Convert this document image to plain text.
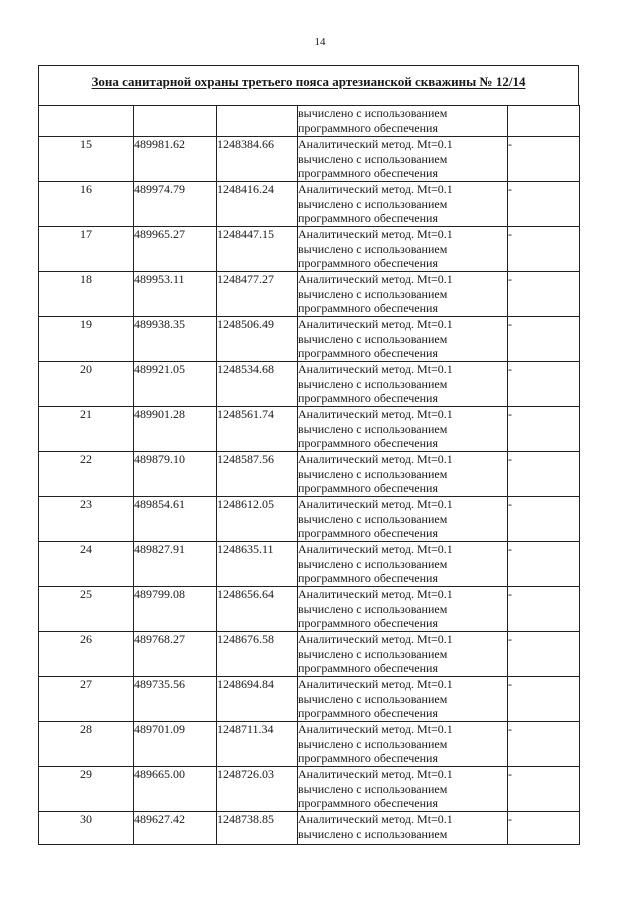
14
Зона санитарной охраны третьего пояса артезианской скважины № 12/14

			вычислено с использованием
программного обеспечения	

15	489981.62	1248384.66	Аналитический метод. Mt=0.1
вычислено с использованием
программного обеспечения	-
16	489974.79	1248416.24	Аналитический метод. Mt=0.1
вычислено с использованием
программного обеспечения	-
17	489965.27	1248447.15	Аналитический метод. Mt=0.1
вычислено с использованием
программного обеспечения	-
18	489953.11	1248477.27	Аналитический метод. Mt=0.1
вычислено с использованием
программного обеспечения	-
19	489938.35	1248506.49	Аналитический метод. Mt=0.1
вычислено с использованием
программного обеспечения	-
20	489921.05	1248534.68	Аналитический метод. Mt=0.1
вычислено с использованием
программного обеспечения	-
21	489901.28	1248561.74	Аналитический метод. Mt=0.1
вычислено с использованием
программного обеспечения	-
22	489879.10	1248587.56	Аналитический метод. Mt=0.1
вычислено с использованием
программного обеспечения	-
23	489854.61	1248612.05	Аналитический метод. Mt=0.1
вычислено с использованием
программного обеспечения	-
24	489827.91	1248635.11	Аналитический метод. Mt=0.1
вычислено с использованием
программного обеспечения	-
25	489799.08	1248656.64	Аналитический метод. Mt=0.1
вычислено с использованием
программного обеспечения	-
26	489768.27	1248676.58	Аналитический метод. Mt=0.1
вычислено с использованием
программного обеспечения	-
27	489735.56	1248694.84	Аналитический метод. Mt=0.1
вычислено с использованием
программного обеспечения	-
28	489701.09	1248711.34	Аналитический метод. Mt=0.1
вычислено с использованием
программного обеспечения	-
29	489665.00	1248726.03	Аналитический метод. Mt=0.1
вычислено с использованием
программного обеспечения	-
30	489627.42	1248738.85	Аналитический метод. Mt=0.1
вычислено с использованием	-
